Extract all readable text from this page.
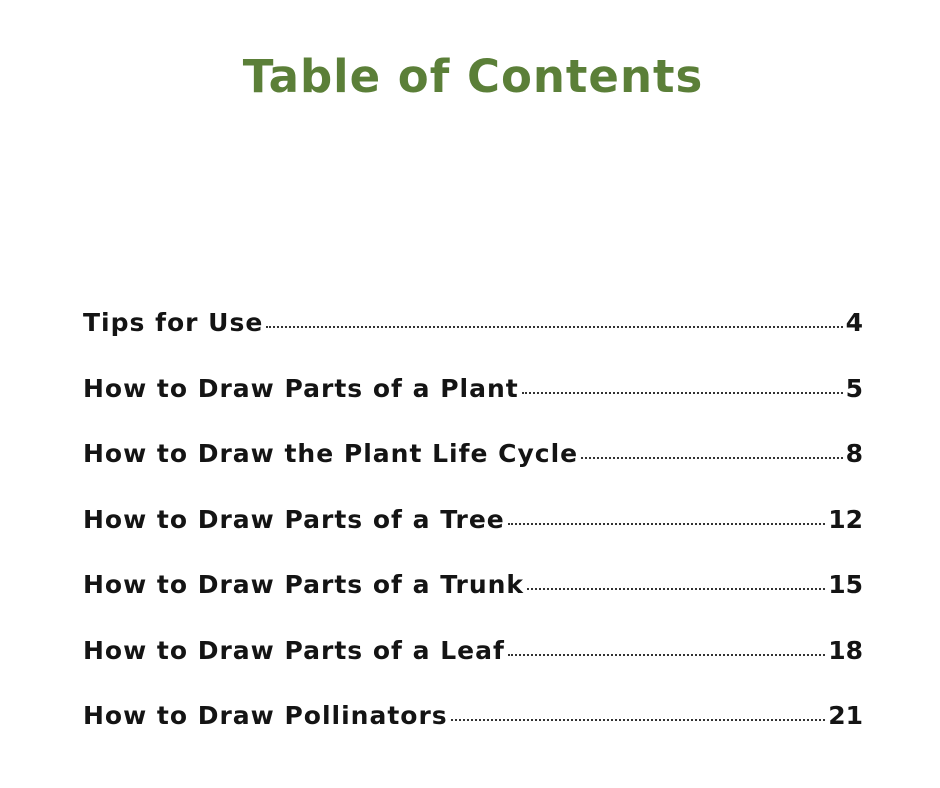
Table of Contents
Tips for Use	4
How to Draw Parts of a Plant	5
How to Draw the Plant Life Cycle	8
How to Draw Parts of a Tree	12
How to Draw Parts of a Trunk	15
How to Draw Parts of a Leaf	18
How to Draw Pollinators	21
